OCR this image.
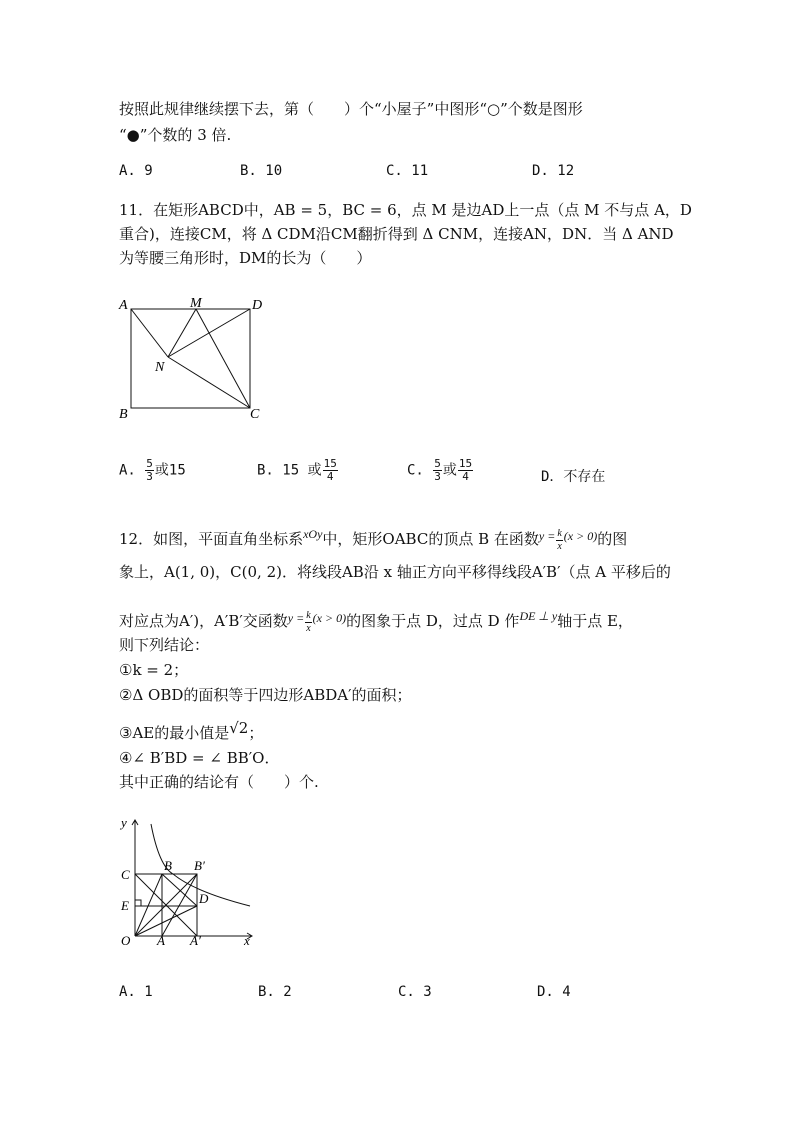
按照此规律继续摆下去，第（　　）个“小屋子”中图形“○”个数是图形
“●”个数的 3 倍.
A. 9	B. 10	C. 11	D. 12
11．在矩形ABCD中，AB = 5，BC = 6，点 M 是边AD上一点（点 M 不与点 A，D
重合)，连接CM，将 Δ CDM沿CM翻折得到 Δ CNM，连接AN，DN．当 Δ AND
为等腰三角形时，DM的长为（　　）
A	M	D
N
B	C
A. $\frac{5}{3}$ 或15	B. 15 或 $\frac{15}{4}$	C. $\frac{5}{3}$ 或 $\frac{15}{4}$	D．不存在
12．如图，平面直角坐标系$^{xOy}$中，矩形OABC的顶点 B 在函数$^{y =} \frac{k}{x} ^{(x > 0)}$的图
象上，A(1, 0)，C(0, 2)．将线段AB沿 x 轴正方向平移得线段A′B′（点 A 平移后的
对应点为A′)，A′B′交函数$^{y =} \frac{k}{x} ^{(x > 0)}$的图象于点 D，过点 D 作$^{DE \perp y}$轴于点 E，
则下列结论：
①k = 2；
②Δ OBD的面积等于四边形ABDA′的面积；
③AE的最小值是√2；
④∠ B′BD = ∠ BB′O．
其中正确的结论有（　　）个.
y
C
B B′
E	D
O A A′	x
A. 1	B. 2	C. 3	D. 4
